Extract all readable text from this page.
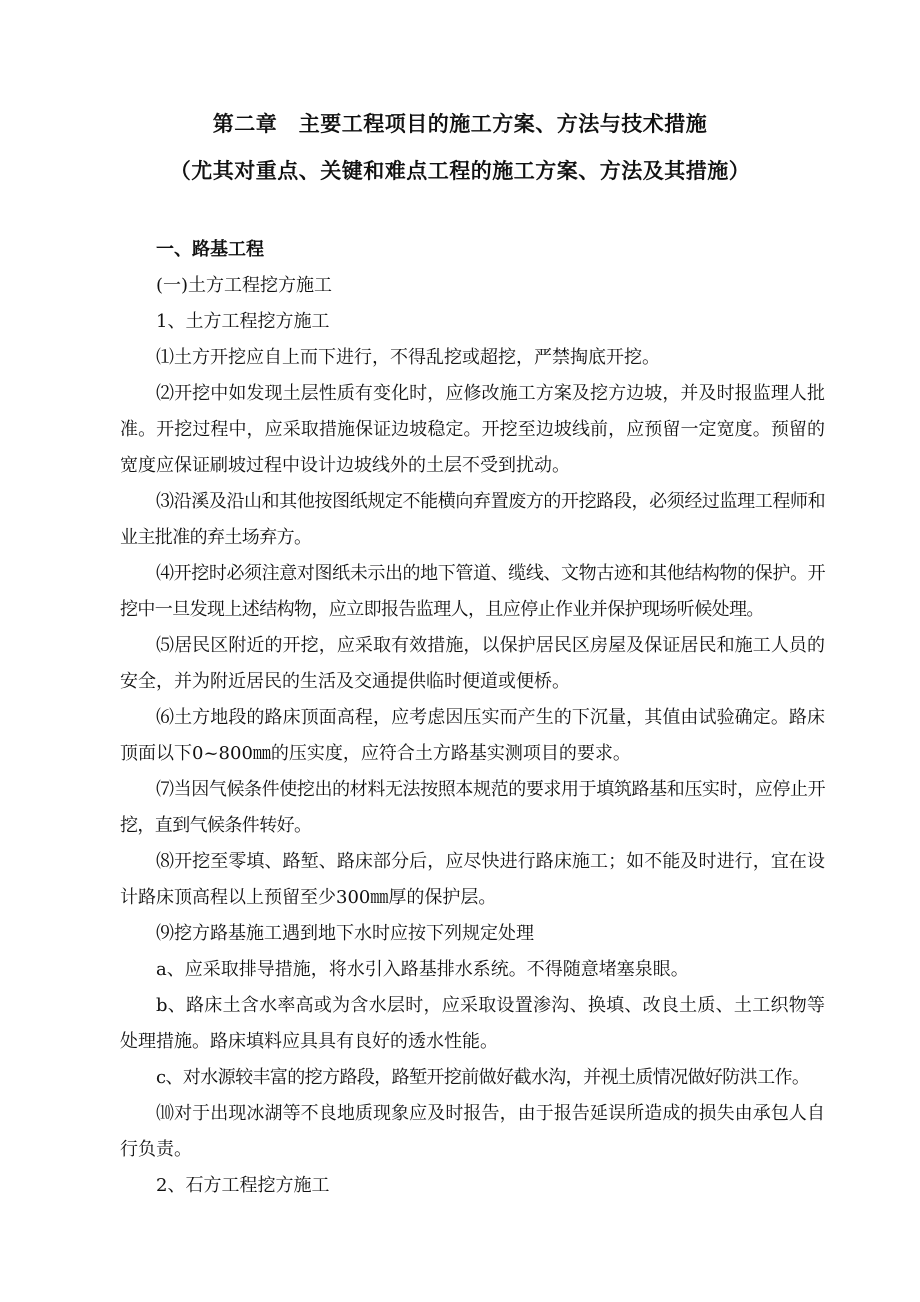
第二章　主要工程项目的施工方案、方法与技术措施
（尤其对重点、关键和难点工程的施工方案、方法及其措施）

一、路基工程

(一)土方工程挖方施工

1、土方工程挖方施工

⑴土方开挖应自上而下进行，不得乱挖或超挖，严禁掏底开挖。

⑵开挖中如发现土层性质有变化时，应修改施工方案及挖方边坡，并及时报监理人批准。开挖过程中，应采取措施保证边坡稳定。开挖至边坡线前，应预留一定宽度。预留的宽度应保证刷坡过程中设计边坡线外的土层不受到扰动。

⑶沿溪及沿山和其他按图纸规定不能横向弃置废方的开挖路段，必须经过监理工程师和业主批准的弃土场弃方。

⑷开挖时必须注意对图纸未示出的地下管道、缆线、文物古迹和其他结构物的保护。开挖中一旦发现上述结构物，应立即报告监理人，且应停止作业并保护现场听候处理。

⑸居民区附近的开挖，应采取有效措施，以保护居民区房屋及保证居民和施工人员的安全，并为附近居民的生活及交通提供临时便道或便桥。

⑹土方地段的路床顶面高程，应考虑因压实而产生的下沉量，其值由试验确定。路床顶面以下0~800㎜的压实度，应符合土方路基实测项目的要求。

⑺当因气候条件使挖出的材料无法按照本规范的要求用于填筑路基和压实时，应停止开挖，直到气候条件转好。

⑻开挖至零填、路堑、路床部分后，应尽快进行路床施工；如不能及时进行，宜在设计路床顶高程以上预留至少300㎜厚的保护层。

⑼挖方路基施工遇到地下水时应按下列规定处理

a、应采取排导措施，将水引入路基排水系统。不得随意堵塞泉眼。

b、路床土含水率高或为含水层时，应采取设置渗沟、换填、改良土质、土工织物等处理措施。路床填料应具具有良好的透水性能。

c、对水源较丰富的挖方路段，路堑开挖前做好截水沟，并视土质情况做好防洪工作。

⑽对于出现冰湖等不良地质现象应及时报告，由于报告延误所造成的损失由承包人自行负责。

2、石方工程挖方施工
